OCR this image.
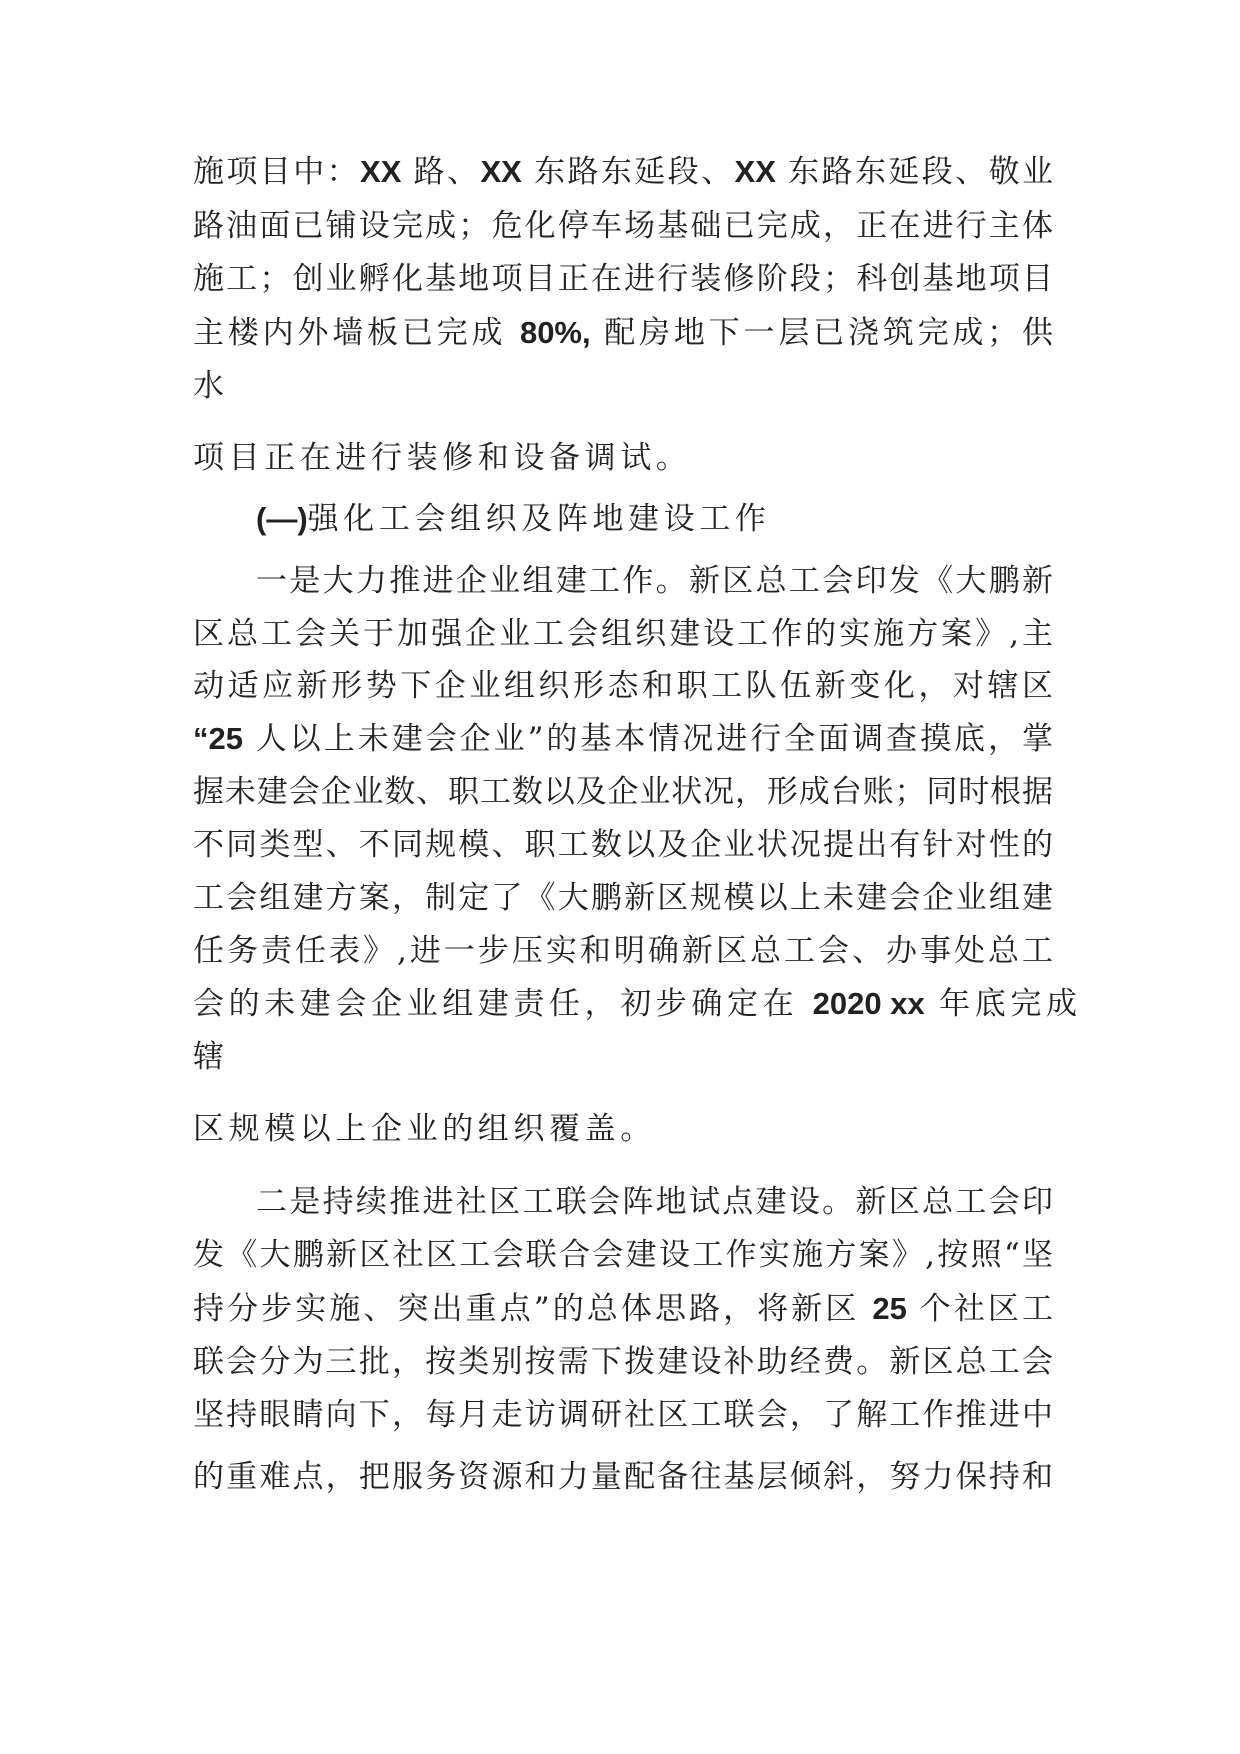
施项目中：XX 路、XX 东路东延段、XX 东路东延段、敬业
路油面已铺设完成；危化停车场基础已完成，正在进行主体
施工；创业孵化基地项目正在进行装修阶段；科创基地项目
主楼内外墙板已完成 80%, 配房地下一层已浇筑完成；供
水
项目正在进行装修和设备调试。
(—)强化工会组织及阵地建设工作
一是大力推进企业组建工作。新区总工会印发《大鹏新
区总工会关于加强企业工会组织建设工作的实施方案》,主
动适应新形势下企业组织形态和职工队伍新变化，对辖区
“25 人以上未建会企业”的基本情况进行全面调查摸底，掌
握未建会企业数、职工数以及企业状况，形成台账；同时根据
不同类型、不同规模、职工数以及企业状况提出有针对性的
工会组建方案，制定了《大鹏新区规模以上未建会企业组建
任务责任表》,进一步压实和明确新区总工会、办事处总工
会的未建会企业组建责任，初步确定在 2020 xx 年底完成
辖
区规模以上企业的组织覆盖。
二是持续推进社区工联会阵地试点建设。新区总工会印
发《大鹏新区社区工会联合会建设工作实施方案》,按照“坚
持分步实施、突出重点”的总体思路，将新区 25 个社区工
联会分为三批，按类别按需下拨建设补助经费。新区总工会
坚持眼睛向下，每月走访调研社区工联会，了解工作推进中
的重难点，把服务资源和力量配备往基层倾斜，努力保持和
